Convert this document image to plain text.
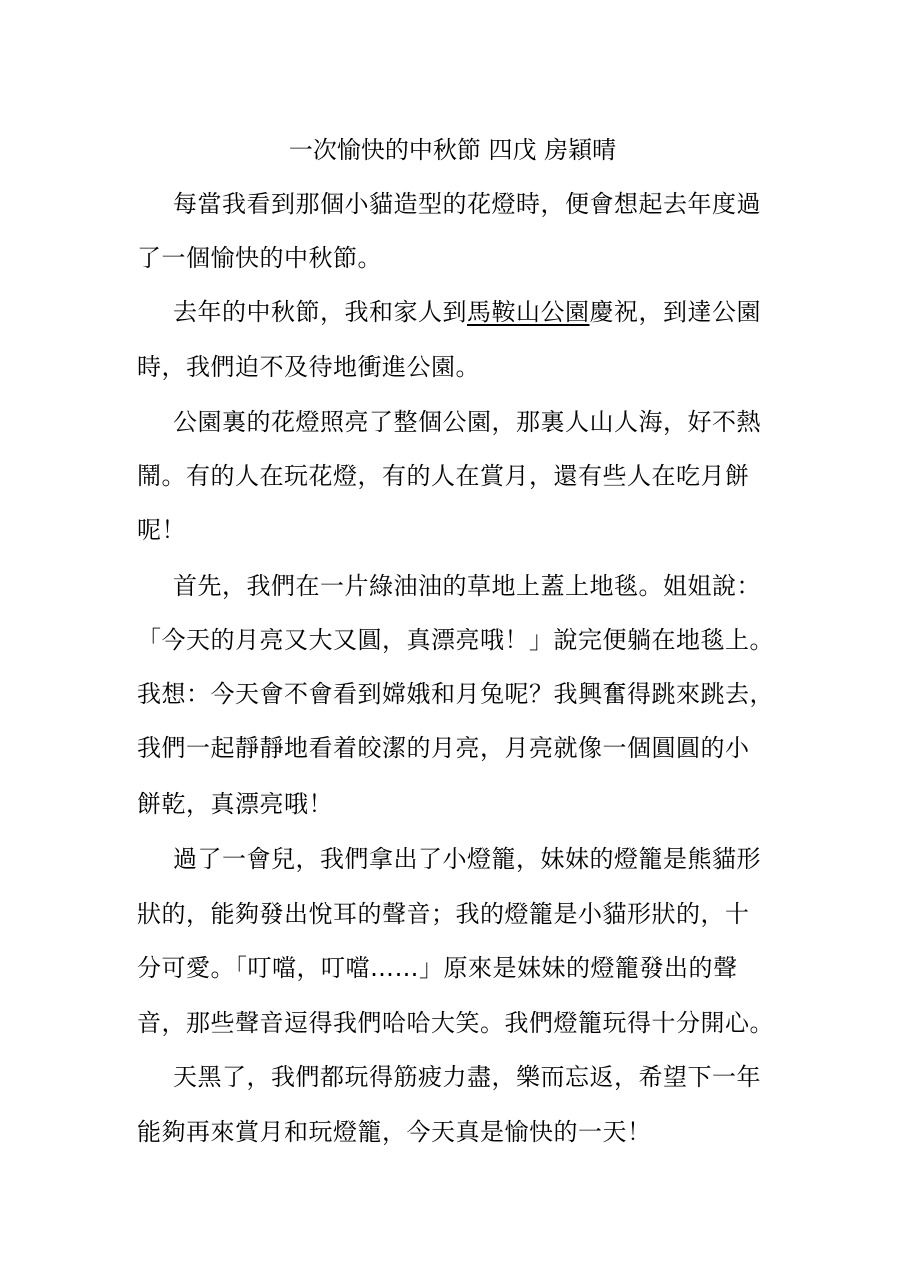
一次愉快的中秋節 四戊 房穎晴
每當我看到那個小貓造型的花燈時，便會想起去年度過
了一個愉快的中秋節。
去年的中秋節，我和家人到馬鞍山公園慶祝，到達公園
時，我們迫不及待地衝進公園。
公園裏的花燈照亮了整個公園，那裏人山人海，好不熱
鬧。有的人在玩花燈，有的人在賞月，還有些人在吃月餅
呢！
首先，我們在一片綠油油的草地上蓋上地毯。姐姐說：
「今天的月亮又大又圓，真漂亮哦！」說完便躺在地毯上。
我想：今天會不會看到嫦娥和月兔呢？我興奮得跳來跳去，
我們一起靜靜地看着皎潔的月亮，月亮就像一個圓圓的小
餅乾，真漂亮哦！
過了一會兒，我們拿出了小燈籠，妹妹的燈籠是熊貓形
狀的，能夠發出悅耳的聲音；我的燈籠是小貓形狀的，十
分可愛。「叮噹，叮噹……」原來是妹妹的燈籠發出的聲
音，那些聲音逗得我們哈哈大笑。我們燈籠玩得十分開心。
天黑了，我們都玩得筋疲力盡，樂而忘返，希望下一年
能夠再來賞月和玩燈籠，今天真是愉快的一天！
